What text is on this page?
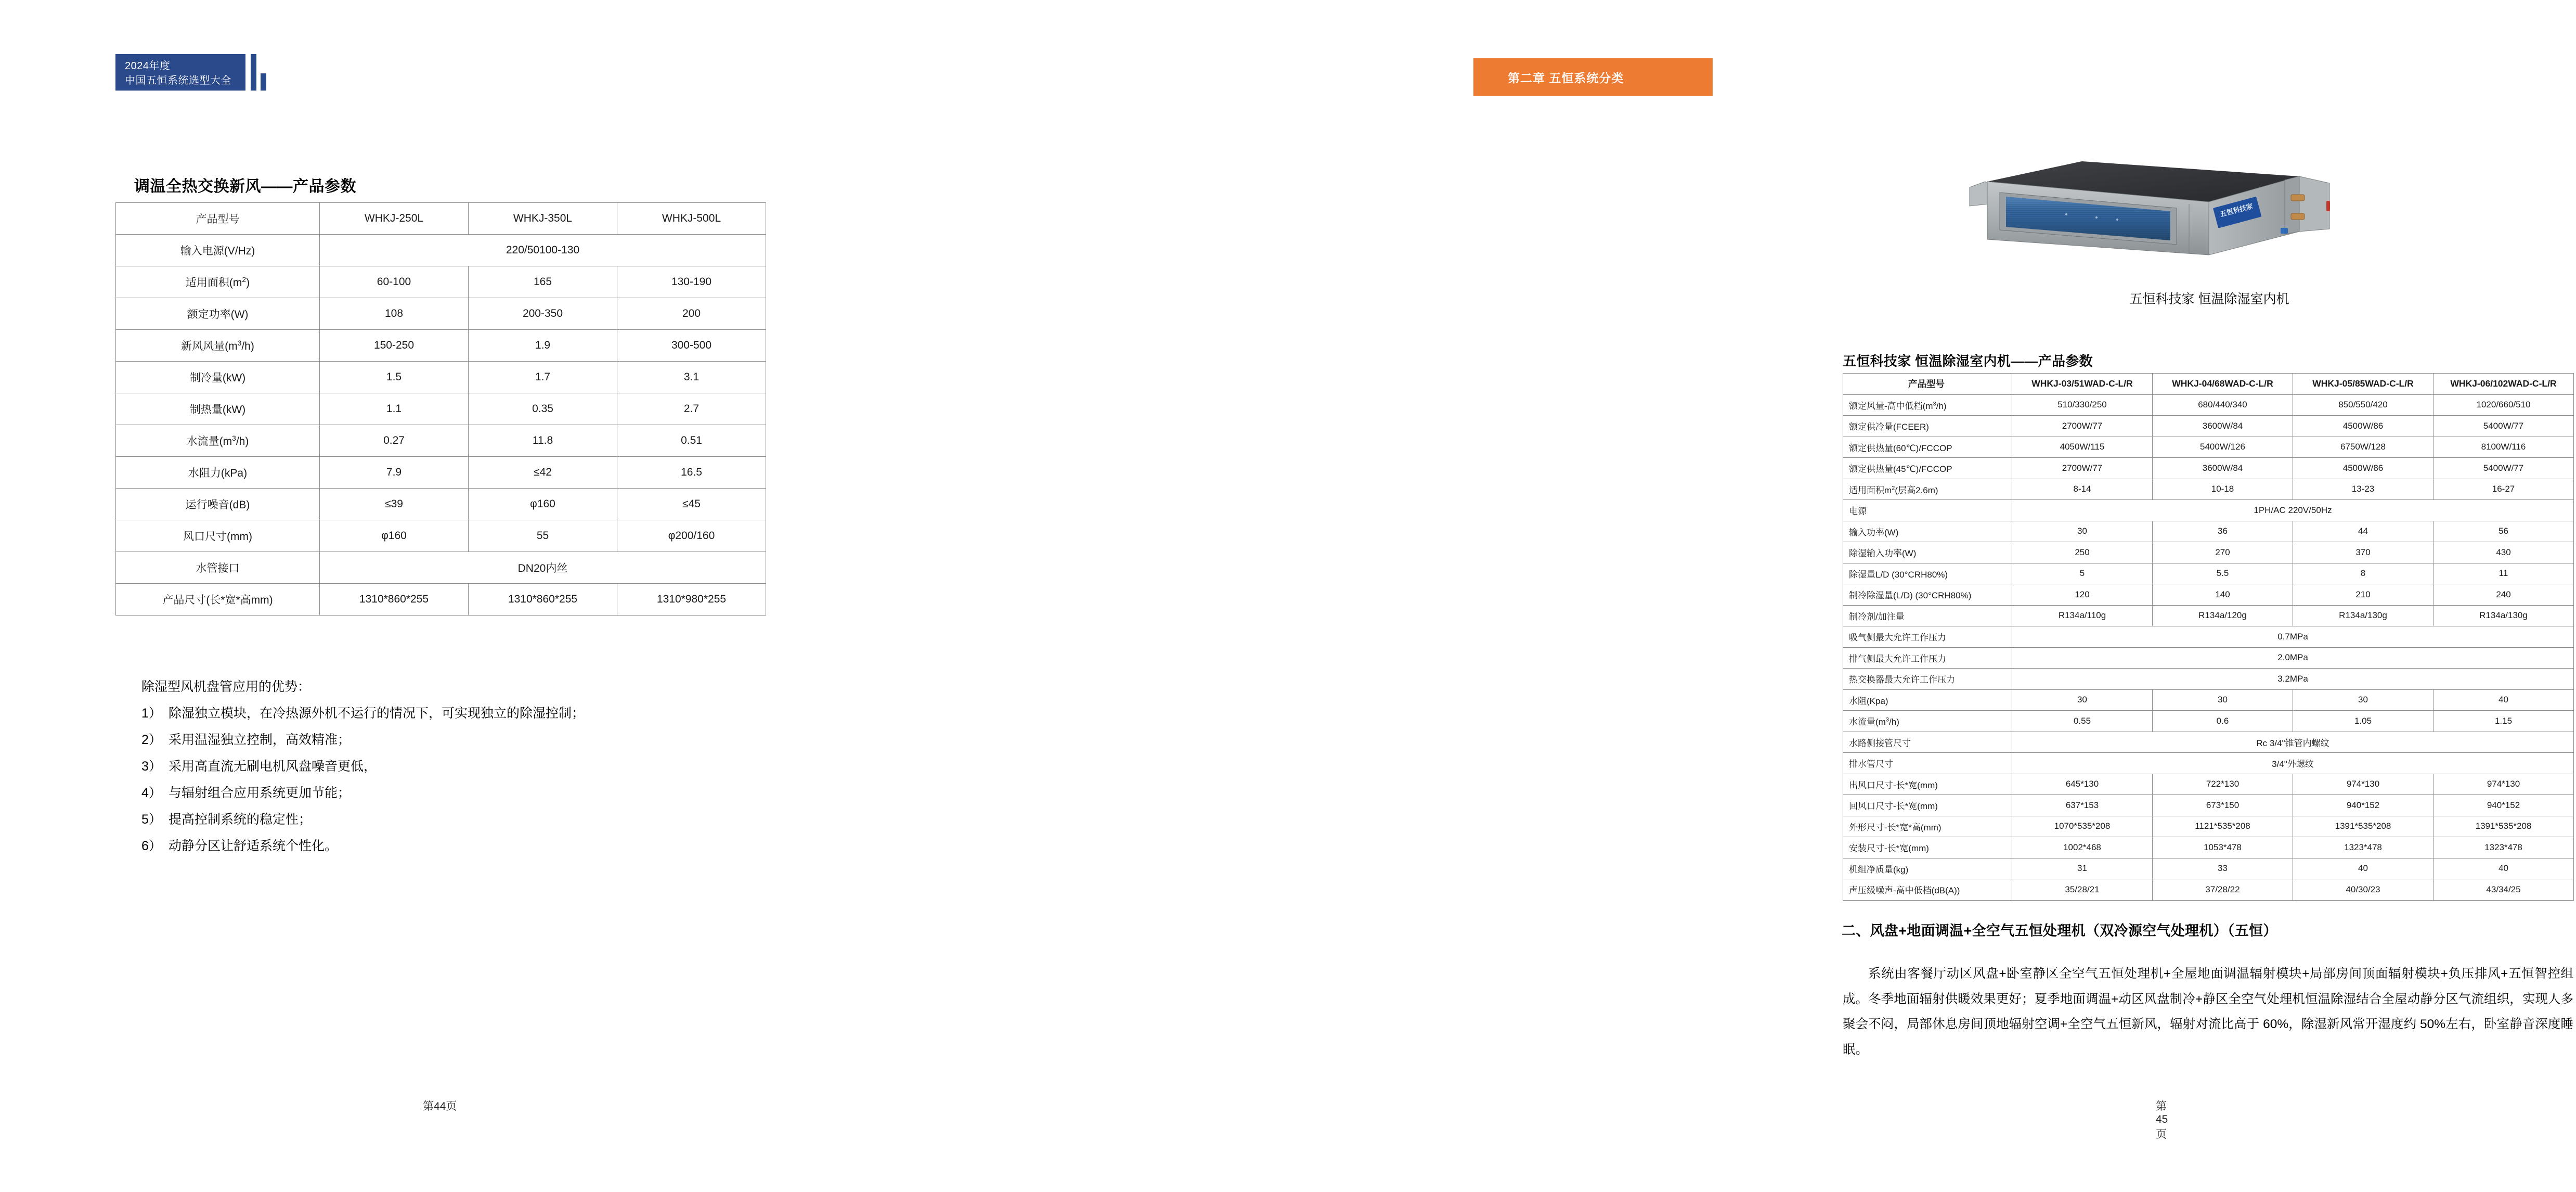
2024年度
中国五恒系统选型大全	第二章 五恒系统分类
调温全热交换新风——产品参数
产品型号	WHKJ-250L	WHKJ-350L	WHKJ-500L
输入电源(V/Hz)	220/50100-130		
适用面积$(m^2)$	60-100	165	130-190
额定功率(W)	108	200-350	200
新风风量$(m^3/h)$	150-250	1.9	300-500
制冷量(kW)	1.5	1.7	3.1
制热量(kW)	1.1	0.35	2.7
水流量$(m^3/h)$	0.27	11.8	0.51
水阻力(kPa)	7.9	≤42	16.5
运行噪音(dB)	≤39	φ160	≤45
风口尺寸(mm)	φ160	55	φ200/160
水管接口	DN20内丝		
产品尺寸(长*宽*高mm)	1310*860*255	1310*860*255	1310*980*255
除湿型风机盘管应用的优势：
1） 除湿独立模块，在冷热源外机不运行的情况下，可实现独立的除湿控制；
2） 采用温湿独立控制，高效精准；
3） 采用高直流无刷电机风盘噪音更低，
4） 与辐射组合应用系统更加节能；
5） 提高控制系统的稳定性；
6） 动静分区让舒适系统个性化。
第44页
五恒科技家
五恒科技家 恒温除湿室内机
五恒科技家 恒温除湿室内机——产品参数
产品型号	WHKJ-03/51WAD-C-L/R	WHKJ-04/68WAD-C-L/R	WHKJ-05/85WAD-C-L/R	WHKJ-06/102WAD-C-L/R
额定风量-高中低档$(m^3/h)$	510/330/250	680/440/340	850/550/420	1020/660/510
额定供冷量(FCEER)	2700W/77	3600W/84	4500W/86	5400W/77
额定供热量(60℃)/FCCOP	4050W/115	5400W/126	6750W/128	8100W/116
额定供热量(45℃)/FCCOP	2700W/77	3600W/84	4500W/86	5400W/77
适用面积$m^2$(层高2.6m)	8-14	10-18	13-23	16-27
电源	1PH/AC 220V/50Hz			
输入功率(W)	30	36	44	56
除湿输入功率(W)	250	270	370	430
除湿量L/D (30°CRH80%)	5	5.5	8	11
制冷除湿量(L/D) (30°CRH80%)	120	140	210	240
制冷剂/加注量	R134a/110g	R134a/120g	R134a/130g	R134a/130g
吸气侧最大允许工作压力	0.7MPa			
排气侧最大允许工作压力	2.0MPa			
热交换器最大允许工作压力	3.2MPa			
水阻(Kpa)	30	30	30	40
水流量$(m^3/h)$	0.55	0.6	1.05	1.15
水路侧接管尺寸	Rc 3/4"锥管内螺纹			
排水管尺寸	3/4"外螺纹			
出风口尺寸-长*宽(mm)	645*130	722*130	974*130	974*130
回风口尺寸-长*宽(mm)	637*153	673*150	940*152	940*152
外形尺寸-长*宽*高(mm)	1070*535*208	1121*535*208	1391*535*208	1391*535*208
安装尺寸-长*宽(mm)	1002*468	1053*478	1323*478	1323*478
机组净质量(kg)	31	33	40	40
声压级噪声-高中低档(dB(A))	35/28/21	37/28/22	40/30/23	43/34/25
二、风盘+地面调温+全空气五恒处理机（双冷源空气处理机）（五恒）
系统由客餐厅动区风盘+卧室静区全空气五恒处理机+全屋地面调温辐射模块+局部房间顶面辐射模块+负压排风+五恒智控组成。冬季地面辐射供暖效果更好；夏季地面调温+动区风盘制冷+静区全空气处理机恒温除湿结合全屋动静分区气流组织，实现人多聚会不闷，局部休息房间顶地辐射空调+全空气五恒新风，辐射对流比高于 60%，除湿新风常开湿度约 50%左右，卧室静音深度睡眠。
第45页
